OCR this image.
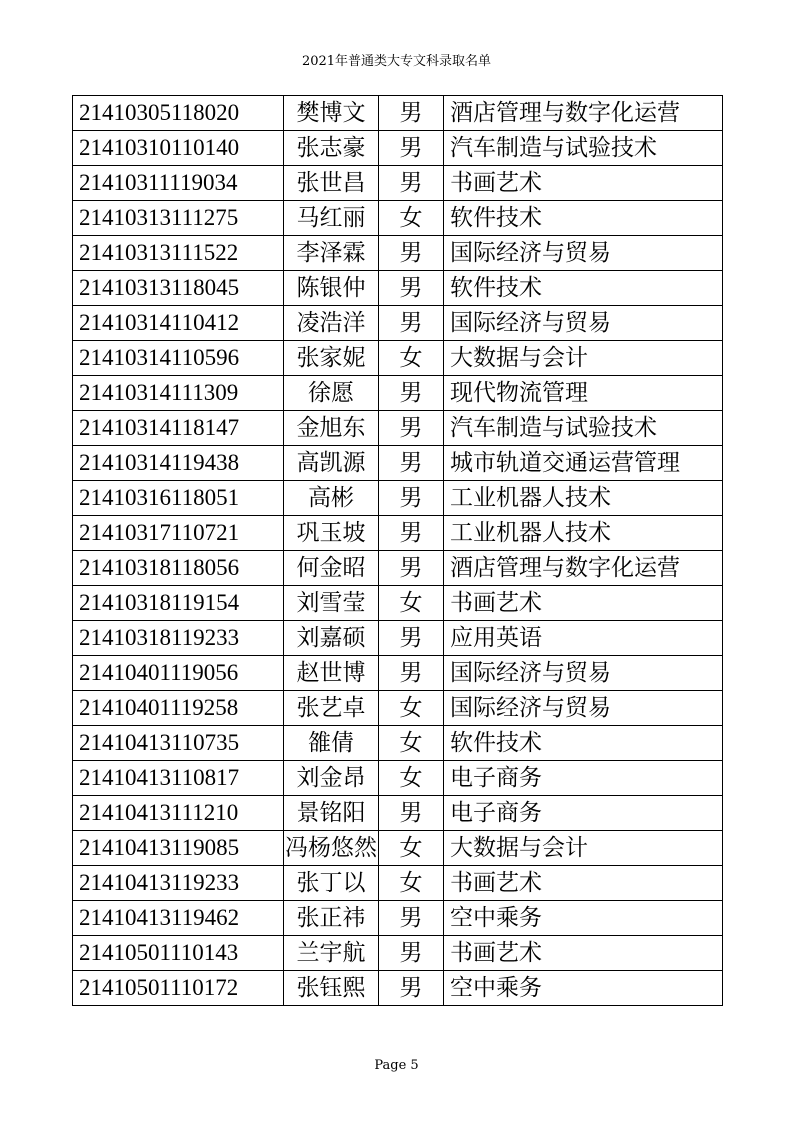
2021年普通类大专文科录取名单
21410305118020	樊博文	男	酒店管理与数字化运营
21410310110140	张志豪	男	汽车制造与试验技术
21410311119034	张世昌	男	书画艺术
21410313111275	马红丽	女	软件技术
21410313111522	李泽霖	男	国际经济与贸易
21410313118045	陈银仲	男	软件技术
21410314110412	凌浩洋	男	国际经济与贸易
21410314110596	张家妮	女	大数据与会计
21410314111309	徐愿	男	现代物流管理
21410314118147	金旭东	男	汽车制造与试验技术
21410314119438	高凯源	男	城市轨道交通运营管理
21410316118051	高彬	男	工业机器人技术
21410317110721	巩玉坡	男	工业机器人技术
21410318118056	何金昭	男	酒店管理与数字化运营
21410318119154	刘雪莹	女	书画艺术
21410318119233	刘嘉硕	男	应用英语
21410401119056	赵世博	男	国际经济与贸易
21410401119258	张艺卓	女	国际经济与贸易
21410413110735	雒倩	女	软件技术
21410413110817	刘金昂	女	电子商务
21410413111210	景铭阳	男	电子商务
21410413119085	冯杨悠然	女	大数据与会计
21410413119233	张丁以	女	书画艺术
21410413119462	张正祎	男	空中乘务
21410501110143	兰宇航	男	书画艺术
21410501110172	张钰熙	男	空中乘务
Page 5
